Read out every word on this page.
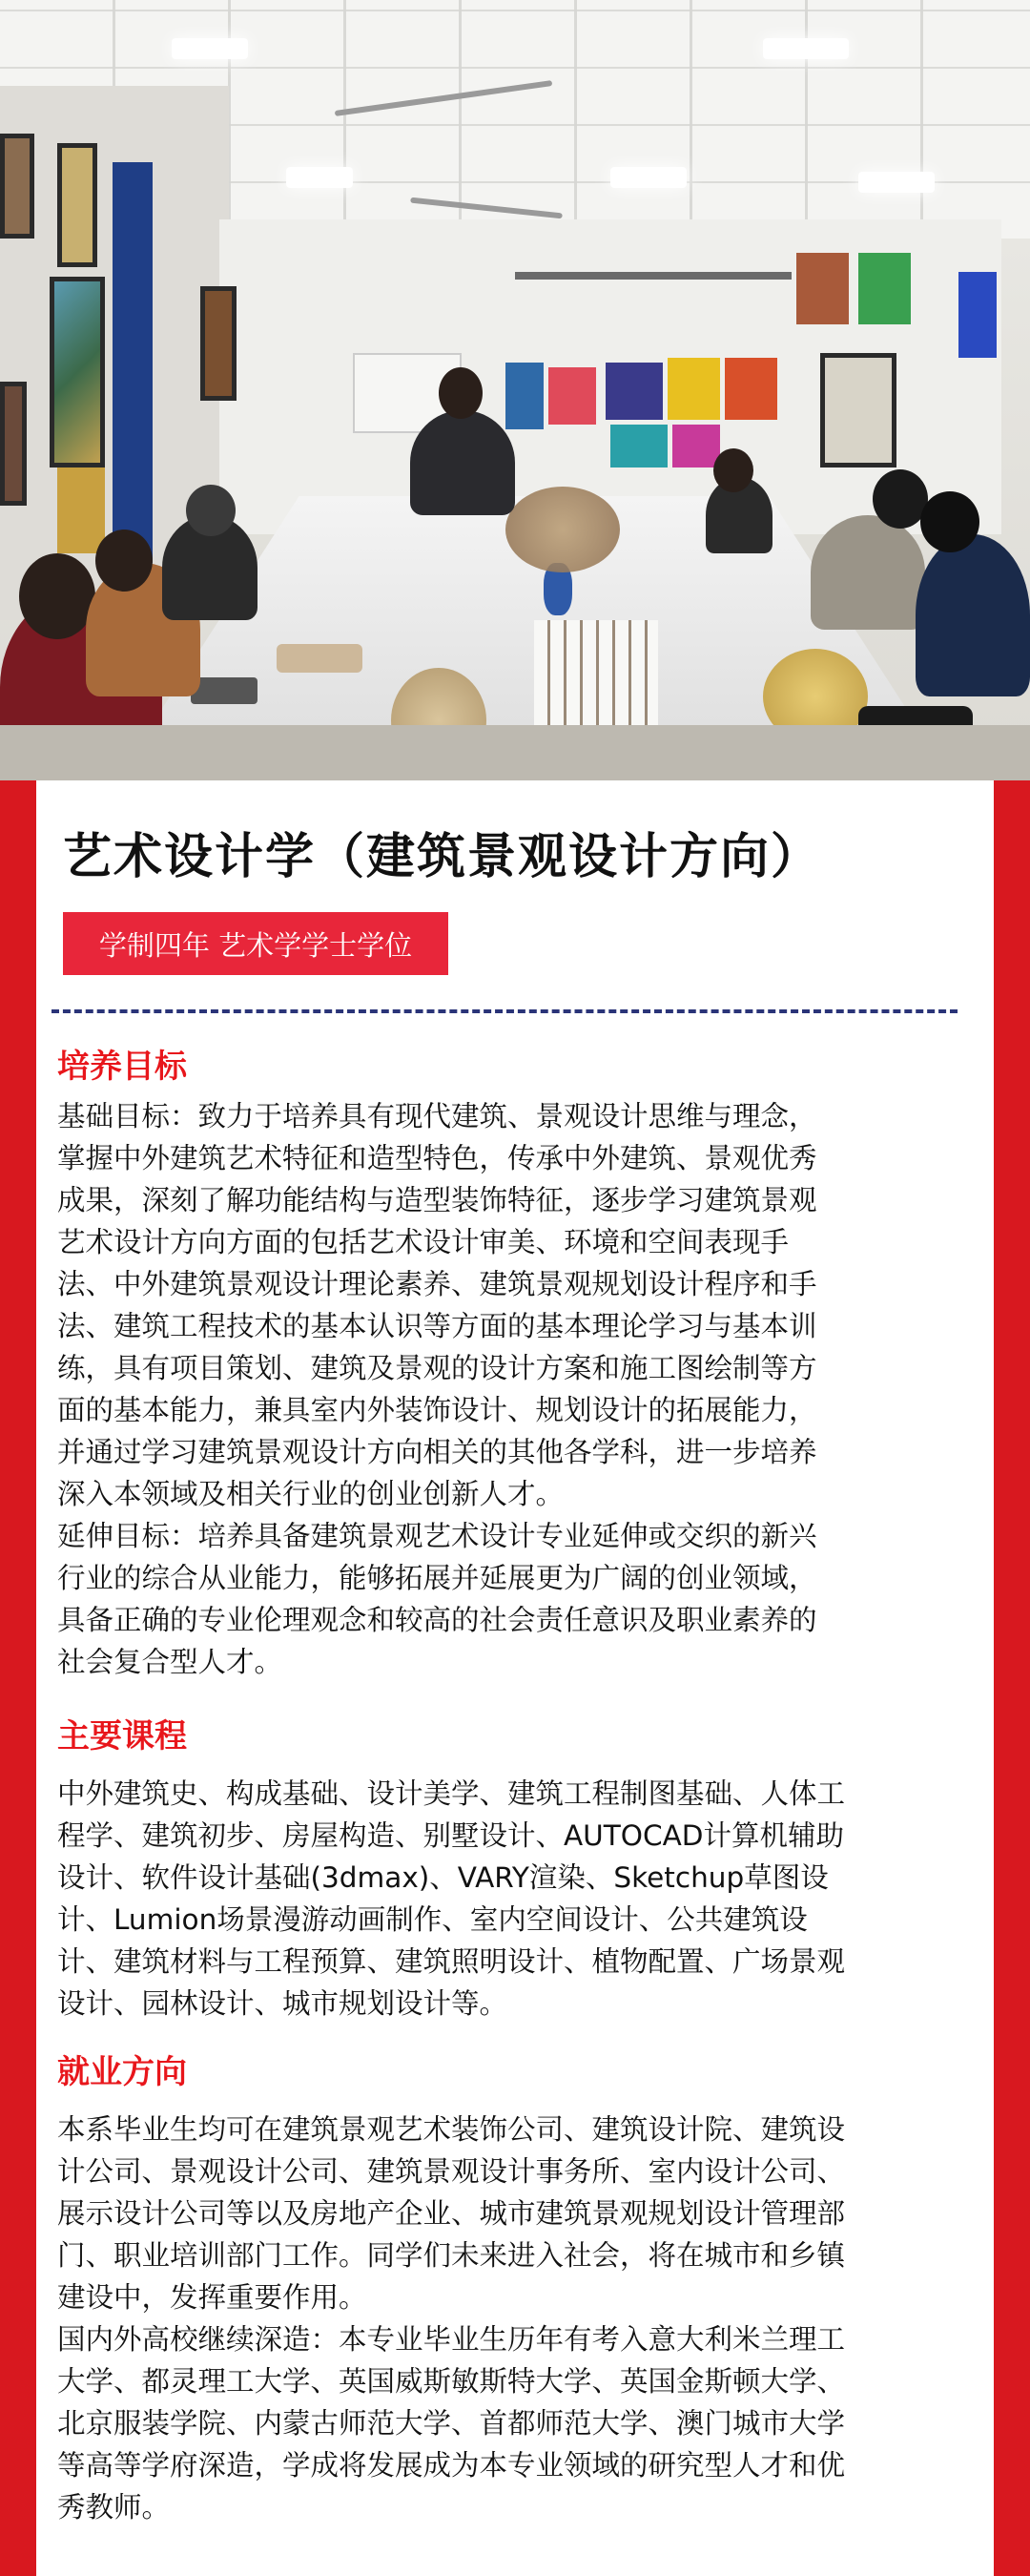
艺术设计学（建筑景观设计方向）
学制四年 艺术学学士学位
培养目标
基础目标：致力于培养具有现代建筑、景观设计思维与理念，
掌握中外建筑艺术特征和造型特色，传承中外建筑、景观优秀
成果，深刻了解功能结构与造型装饰特征，逐步学习建筑景观
艺术设计方向方面的包括艺术设计审美、环境和空间表现手
法、中外建筑景观设计理论素养、建筑景观规划设计程序和手
法、建筑工程技术的基本认识等方面的基本理论学习与基本训
练，具有项目策划、建筑及景观的设计方案和施工图绘制等方
面的基本能力，兼具室内外装饰设计、规划设计的拓展能力，
并通过学习建筑景观设计方向相关的其他各学科，进一步培养
深入本领域及相关行业的创业创新人才。
延伸目标：培养具备建筑景观艺术设计专业延伸或交织的新兴
行业的综合从业能力，能够拓展并延展更为广阔的创业领域，
具备正确的专业伦理观念和较高的社会责任意识及职业素养的
社会复合型人才。
主要课程
中外建筑史、构成基础、设计美学、建筑工程制图基础、人体工
程学、建筑初步、房屋构造、别墅设计、AUTOCAD计算机辅助
设计、软件设计基础(3dmax)、VARY渲染、Sketchup草图设
计、Lumion场景漫游动画制作、室内空间设计、公共建筑设
计、建筑材料与工程预算、建筑照明设计、植物配置、广场景观
设计、园林设计、城市规划设计等。
就业方向
本系毕业生均可在建筑景观艺术装饰公司、建筑设计院、建筑设
计公司、景观设计公司、建筑景观设计事务所、室内设计公司、
展示设计公司等以及房地产企业、城市建筑景观规划设计管理部
门、职业培训部门工作。同学们未来进入社会，将在城市和乡镇
建设中，发挥重要作用。
国内外高校继续深造：本专业毕业生历年有考入意大利米兰理工
大学、都灵理工大学、英国威斯敏斯特大学、英国金斯顿大学、
北京服装学院、内蒙古师范大学、首都师范大学、澳门城市大学
等高等学府深造，学成将发展成为本专业领域的研究型人才和优
秀教师。
